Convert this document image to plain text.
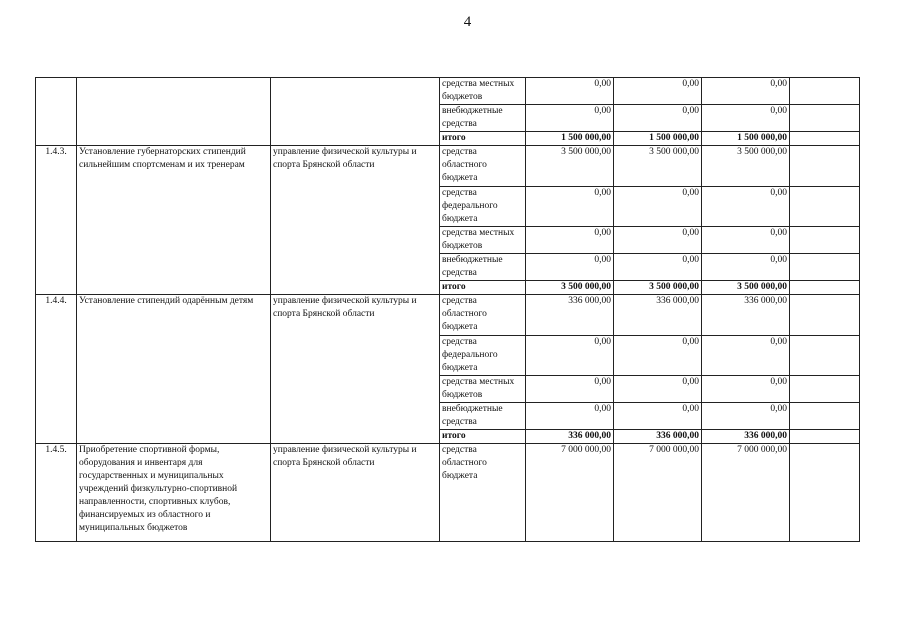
4
			средства местных бюджетов	0,00	0,00	0,00	
			внебюджетные средства	0,00	0,00	0,00	
			итого	1 500 000,00	1 500 000,00	1 500 000,00	
1.4.3.	Установление губернаторских стипендий сильнейшим спортсменам и их тренерам	управление физической культуры и спорта Брянской области	средства областного бюджета	3 500 000,00	3 500 000,00	3 500 000,00	
			средства федерального бюджета	0,00	0,00	0,00	
			средства местных бюджетов	0,00	0,00	0,00	
			внебюджетные средства	0,00	0,00	0,00	
			итого	3 500 000,00	3 500 000,00	3 500 000,00	
1.4.4.	Установление стипендий одарённым детям	управление физической культуры и спорта Брянской области	средства областного бюджета	336 000,00	336 000,00	336 000,00	
			средства федерального бюджета	0,00	0,00	0,00	
			средства местных бюджетов	0,00	0,00	0,00	
			внебюджетные средства	0,00	0,00	0,00	
			итого	336 000,00	336 000,00	336 000,00	
1.4.5.	Приобретение спортивной формы, оборудования и инвентаря для государственных и муниципальных учреждений физкультурно-спортивной направленности, спортивных клубов, финансируемых из областного и муниципальных бюджетов	управление физической культуры и спорта Брянской области	средства областного бюджета	7 000 000,00	7 000 000,00	7 000 000,00	
